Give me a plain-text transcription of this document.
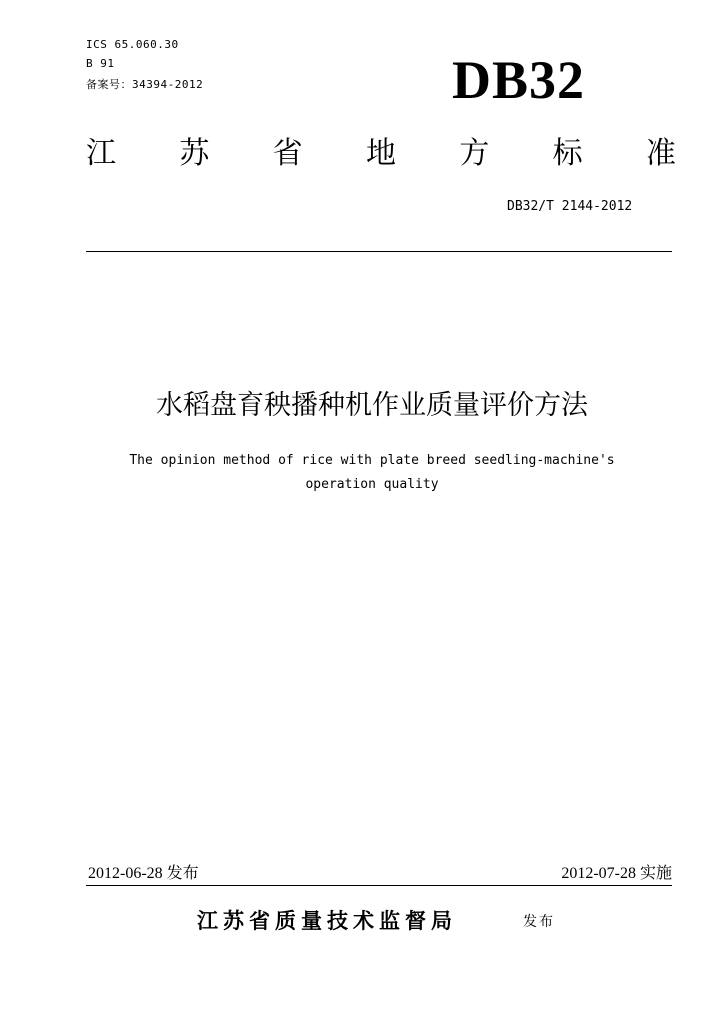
ICS 65.060.30
B 91
备案号：34394-2012	DB32
江 苏 省 地 方 标 准
DB32/T 2144-2012
水稻盘育秧播种机作业质量评价方法
The opinion method of rice with plate breed seedling-machine's
operation quality
2012-06-28 发布	2012-07-28 实施
江苏省质量技术监督局	发布
